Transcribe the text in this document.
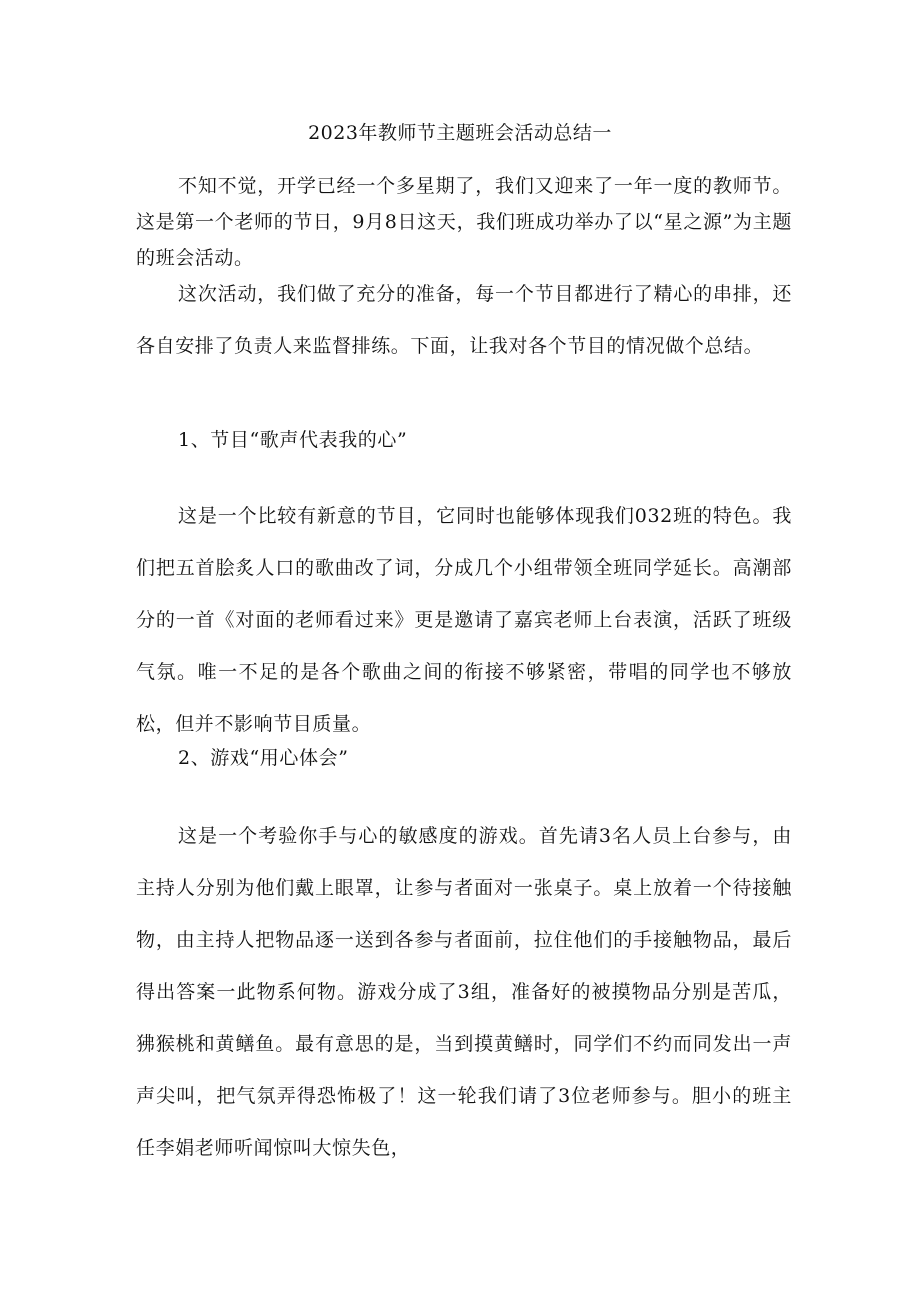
2023年教师节主题班会活动总结一

不知不觉，开学已经一个多星期了，我们又迎来了一年一度的教师节。这是第一个老师的节日，9月8日这天，我们班成功举办了以“星之源”为主题的班会活动。

这次活动，我们做了充分的准备，每一个节目都进行了精心的串排，还各自安排了负责人来监督排练。下面，让我对各个节目的情况做个总结。

1、节目“歌声代表我的心”

这是一个比较有新意的节目，它同时也能够体现我们032班的特色。我们把五首脍炙人口的歌曲改了词，分成几个小组带领全班同学延长。高潮部分的一首《对面的老师看过来》更是邀请了嘉宾老师上台表演，活跃了班级气氛。唯一不足的是各个歌曲之间的衔接不够紧密，带唱的同学也不够放松，但并不影响节目质量。

2、游戏“用心体会”

这是一个考验你手与心的敏感度的游戏。首先请3名人员上台参与，由主持人分别为他们戴上眼罩，让参与者面对一张桌子。桌上放着一个待接触物，由主持人把物品逐一送到各参与者面前，拉住他们的手接触物品，最后得出答案一此物系何物。游戏分成了3组，准备好的被摸物品分别是苦瓜，狒猴桃和黄鳝鱼。最有意思的是，当到摸黄鳝时，同学们不约而同发出一声声尖叫，把气氛弄得恐怖极了！这一轮我们请了3位老师参与。胆小的班主任李娟老师听闻惊叫大惊失色，
